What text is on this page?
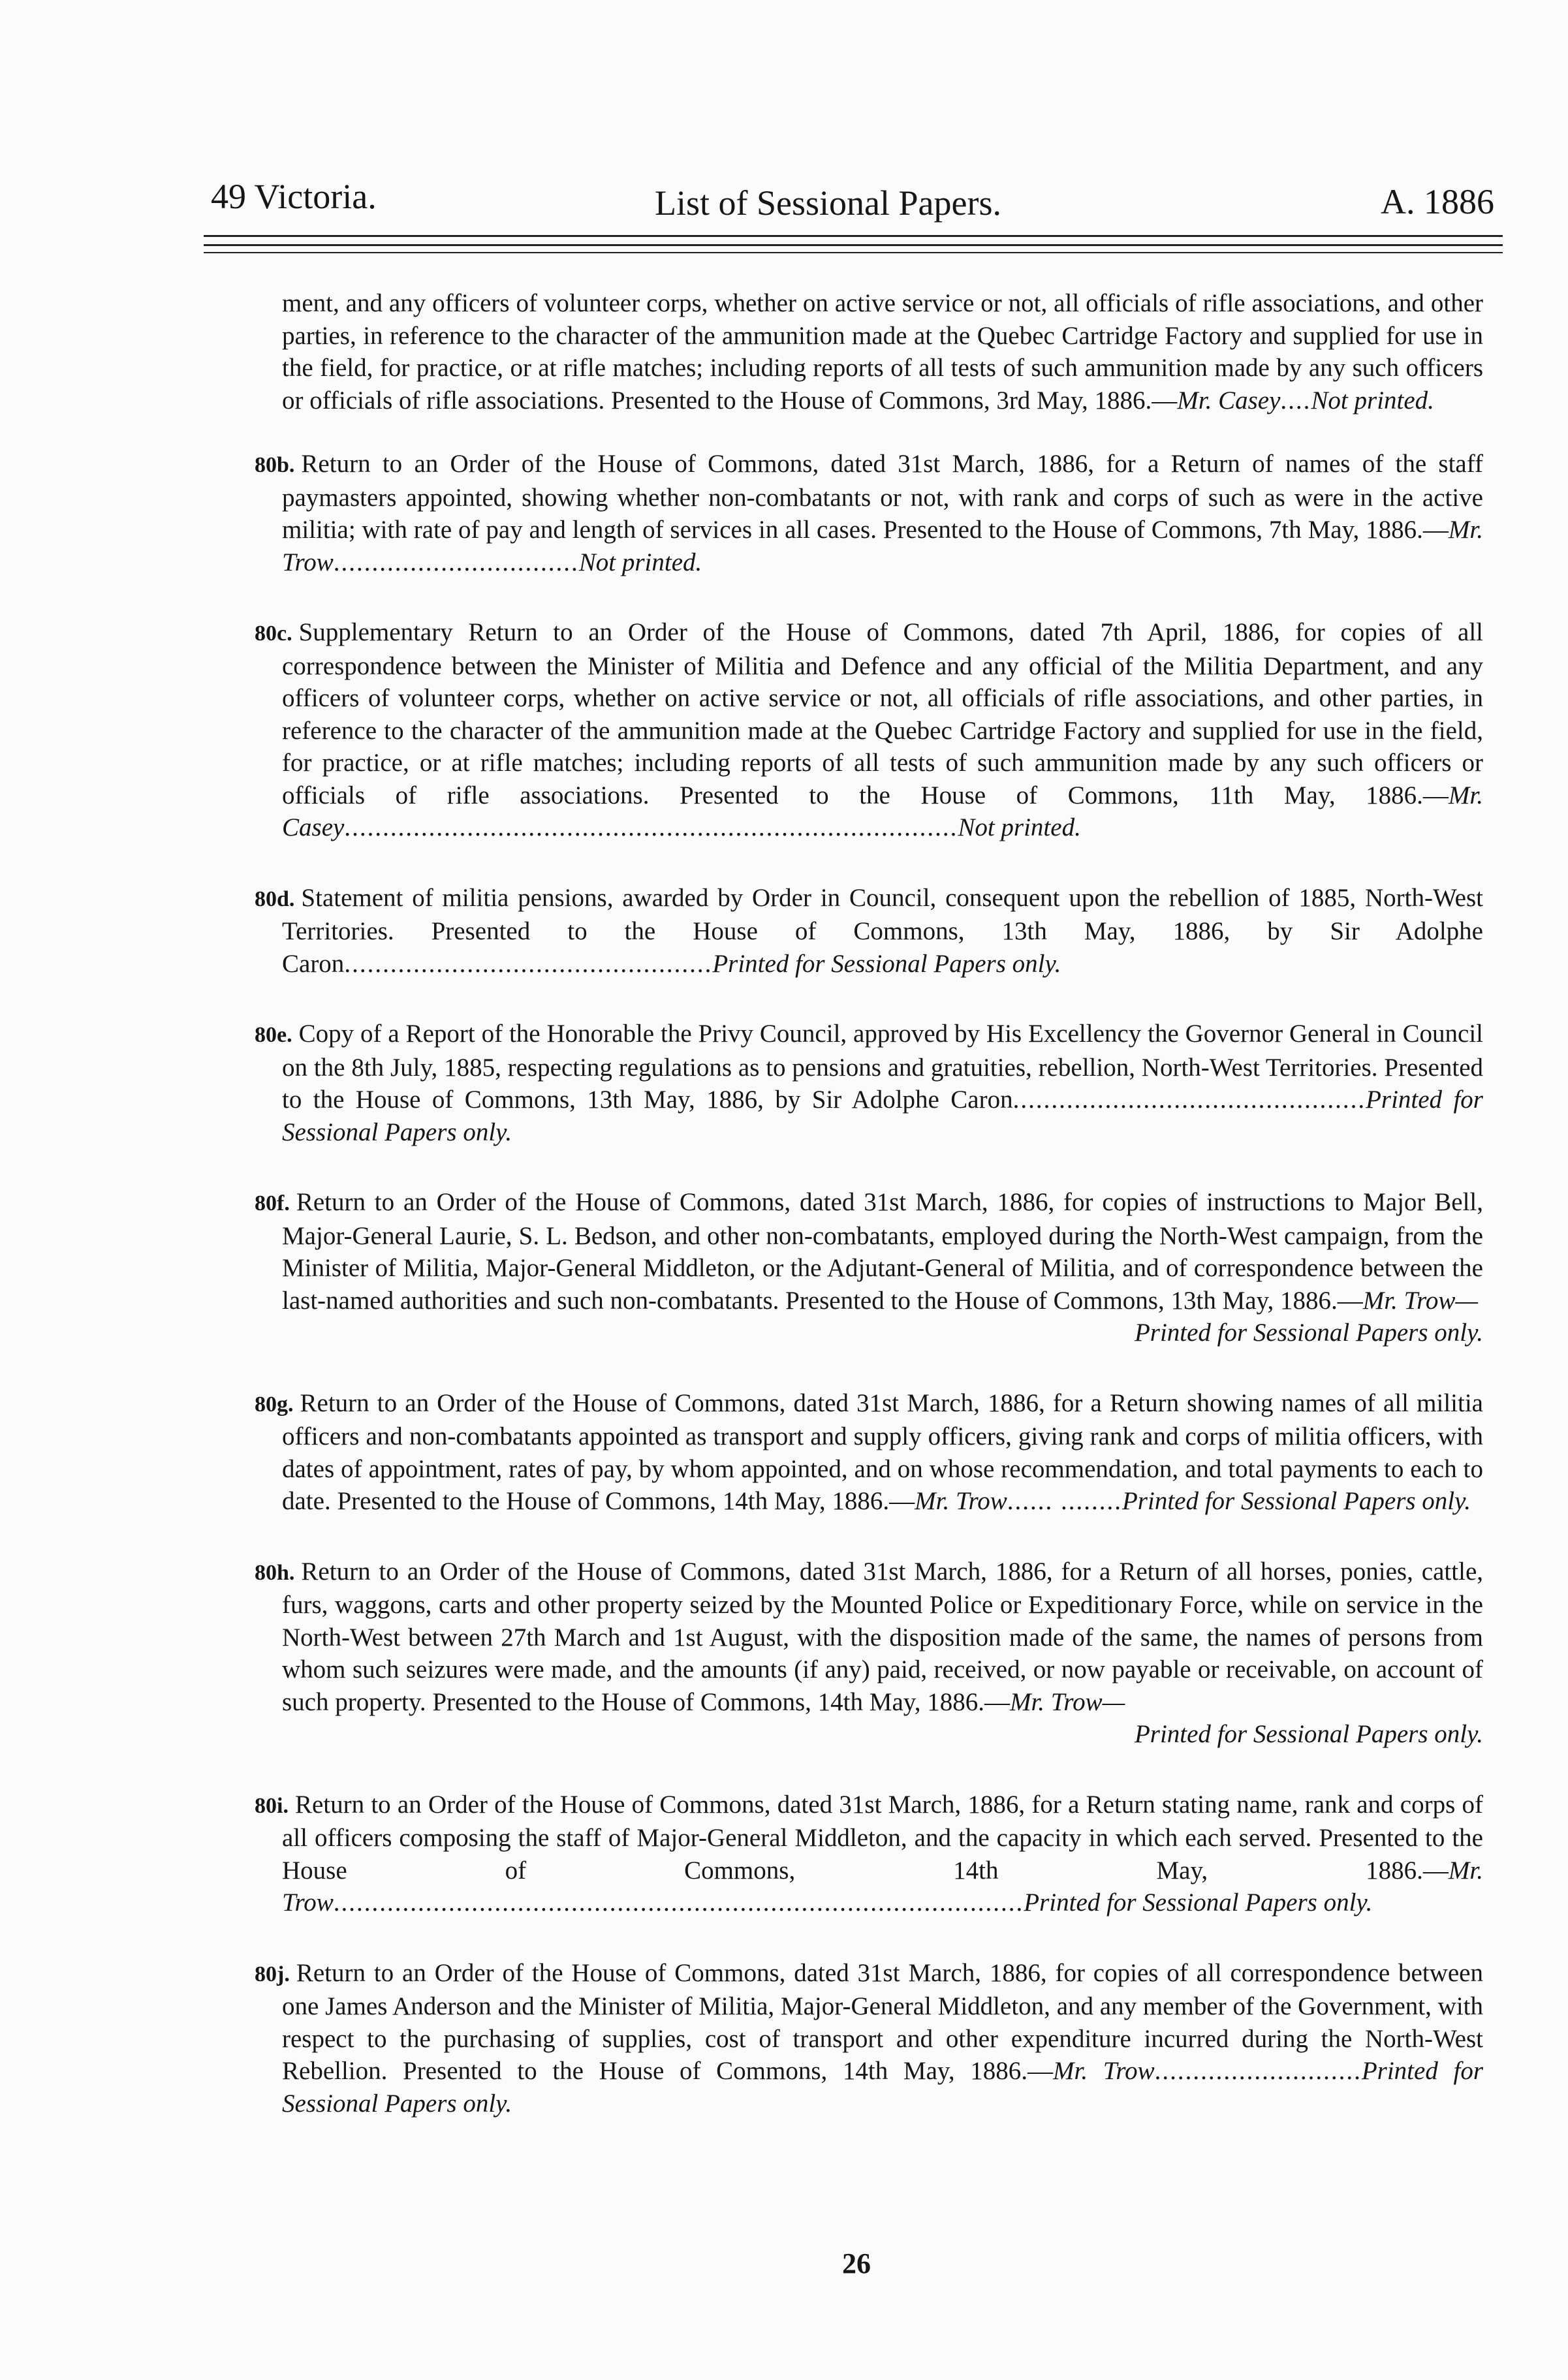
49 Victoria.	List of Sessional Papers.	A. 1886

ment, and any officers of volunteer corps, whether on active service or not, all officials of rifle associations, and other parties, in reference to the character of the ammunition made at the Quebec Cartridge Factory and supplied for use in the field, for practice, or at rifle matches; including reports of all tests of such ammunition made by any such officers or officials of rifle associations. Presented to the House of Commons, 3rd May, 1886.—Mr. Casey....Not printed.

80b. Return to an Order of the House of Commons, dated 31st March, 1886, for a Return of names of the staff paymasters appointed, showing whether non-combatants or not, with rank and corps of such as were in the active militia; with rate of pay and length of services in all cases. Presented to the House of Commons, 7th May, 1886.—Mr. Trow................................Not printed.

80c. Supplementary Return to an Order of the House of Commons, dated 7th April, 1886, for copies of all correspondence between the Minister of Militia and Defence and any official of the Militia Department, and any officers of volunteer corps, whether on active service or not, all officials of rifle associations, and other parties, in reference to the character of the ammunition made at the Quebec Cartridge Factory and supplied for use in the field, for practice, or at rifle matches; including reports of all tests of such ammunition made by any such officers or officials of rifle associations. Presented to the House of Commons, 11th May, 1886.—Mr. Casey................................................................................Not printed.

80d. Statement of militia pensions, awarded by Order in Council, consequent upon the rebellion of 1885, North-West Territories. Presented to the House of Commons, 13th May, 1886, by Sir Adolphe Caron................................................Printed for Sessional Papers only.

80e. Copy of a Report of the Honorable the Privy Council, approved by His Excellency the Governor General in Council on the 8th July, 1885, respecting regulations as to pensions and gratuities, rebellion, North-West Territories. Presented to the House of Commons, 13th May, 1886, by Sir Adolphe Caron..............................................Printed for Sessional Papers only.

80f. Return to an Order of the House of Commons, dated 31st March, 1886, for copies of instructions to Major Bell, Major-General Laurie, S. L. Bedson, and other non-combatants, employed during the North-West campaign, from the Minister of Militia, Major-General Middleton, or the Adjutant-General of Militia, and of correspondence between the last-named authorities and such non-combatants. Presented to the House of Commons, 13th May, 1886.—Mr. Trow—
Printed for Sessional Papers only.

80g. Return to an Order of the House of Commons, dated 31st March, 1886, for a Return showing names of all militia officers and non-combatants appointed as transport and supply officers, giving rank and corps of militia officers, with dates of appointment, rates of pay, by whom appointed, and on whose recommendation, and total payments to each to date. Presented to the House of Commons, 14th May, 1886.—Mr. Trow...... ........Printed for Sessional Papers only.

80h. Return to an Order of the House of Commons, dated 31st March, 1886, for a Return of all horses, ponies, cattle, furs, waggons, carts and other property seized by the Mounted Police or Expeditionary Force, while on service in the North-West between 27th March and 1st August, with the disposition made of the same, the names of persons from whom such seizures were made, and the amounts (if any) paid, received, or now payable or receivable, on account of such property. Presented to the House of Commons, 14th May, 1886.—Mr. Trow—
Printed for Sessional Papers only.

80i. Return to an Order of the House of Commons, dated 31st March, 1886, for a Return stating name, rank and corps of all officers composing the staff of Major-General Middleton, and the capacity in which each served. Presented to the House of Commons, 14th May, 1886.—Mr. Trow..........................................................................................Printed for Sessional Papers only.

80j. Return to an Order of the House of Commons, dated 31st March, 1886, for copies of all correspondence between one James Anderson and the Minister of Militia, Major-General Middleton, and any member of the Government, with respect to the purchasing of supplies, cost of transport and other expenditure incurred during the North-West Rebellion. Presented to the House of Commons, 14th May, 1886.—Mr. Trow...........................Printed for Sessional Papers only.

26
